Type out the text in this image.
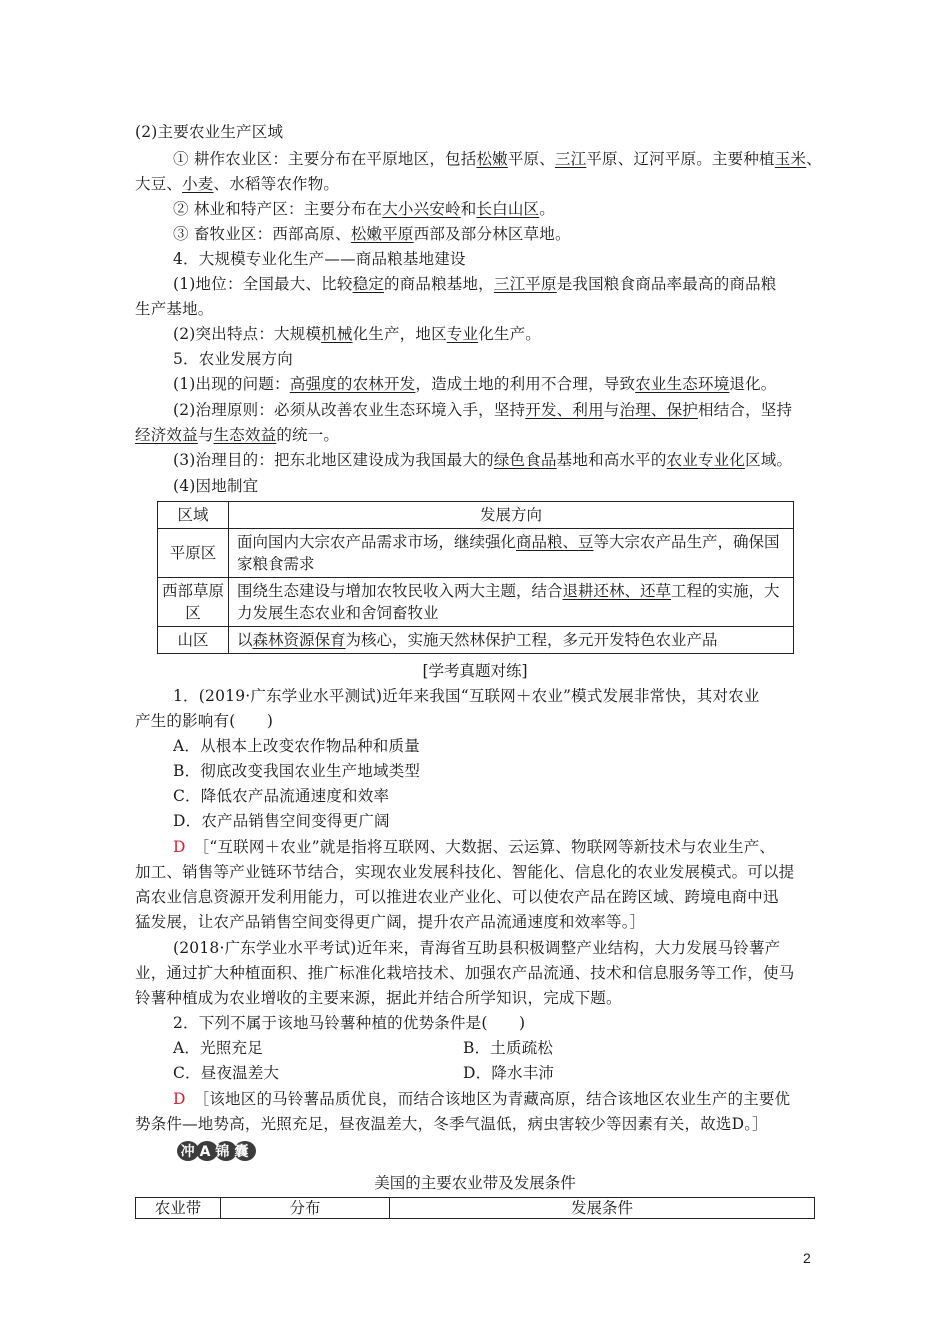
(2)主要农业生产区域
① 耕作农业区：主要分布在平原地区，包括松嫩平原、三江平原、辽河平原。主要种植玉米、
大豆、小麦、水稻等农作物。
② 林业和特产区：主要分布在大小兴安岭和长白山区。
③ 畜牧业区：西部高原、松嫩平原西部及部分林区草地。
4．大规模专业化生产——商品粮基地建设
(1)地位：全国最大、比较稳定的商品粮基地，三江平原是我国粮食商品率最高的商品粮
生产基地。
(2)突出特点：大规模机械化生产，地区专业化生产。
5．农业发展方向
(1)出现的问题：高强度的农林开发，造成土地的利用不合理，导致农业生态环境退化。
(2)治理原则：必须从改善农业生态环境入手，坚持开发、利用与治理、保护相结合，坚持
经济效益与生态效益的统一。
(3)治理目的：把东北地区建设成为我国最大的绿色食品基地和高水平的农业专业化区域。
(4)因地制宜
区域	发展方向
平原区	面向国内大宗农产品需求市场，继续强化商品粮、豆等大宗农产品生产，确保国家粮食需求
西部草原区	围绕生态建设与增加农牧民收入两大主题，结合退耕还林、还草工程的实施，大力发展生态农业和舍饲畜牧业
山区	以森林资源保育为核心，实施天然林保护工程，多元开发特色农业产品
[学考真题对练]
1．(2019·广东学业水平测试)近年来我国“互联网＋农业”模式发展非常快，其对农业
产生的影响有(　　)
A．从根本上改变农作物品种和质量
B．彻底改变我国农业生产地域类型
C．降低农产品流通速度和效率
D．农产品销售空间变得更广阔
D ［“互联网＋农业”就是指将互联网、大数据、云运算、物联网等新技术与农业生产、
加工、销售等产业链环节结合，实现农业发展科技化、智能化、信息化的农业发展模式。可以提
高农业信息资源开发利用能力，可以推进农业产业化、可以使农产品在跨区域、跨境电商中迅
猛发展，让农产品销售空间变得更广阔，提升农产品流通速度和效率等。］
(2018·广东学业水平考试)近年来，青海省互助县积极调整产业结构，大力发展马铃薯产
业，通过扩大种植面积、推广标准化栽培技术、加强农产品流通、技术和信息服务等工作，使马
铃薯种植成为农业增收的主要来源，据此并结合所学知识，完成下题。
2．下列不属于该地马铃薯种植的优势条件是(　　)
A．光照充足	B．土质疏松
C．昼夜温差大	D．降水丰沛
D ［该地区的马铃薯品质优良，而结合该地区为青藏高原，结合该地区农业生产的主要优
势条件—地势高，光照充足，昼夜温差大，冬季气温低，病虫害较少等因素有关，故选D。］
冲A锦囊
美国的主要农业带及发展条件
农业带	分布	发展条件
2
